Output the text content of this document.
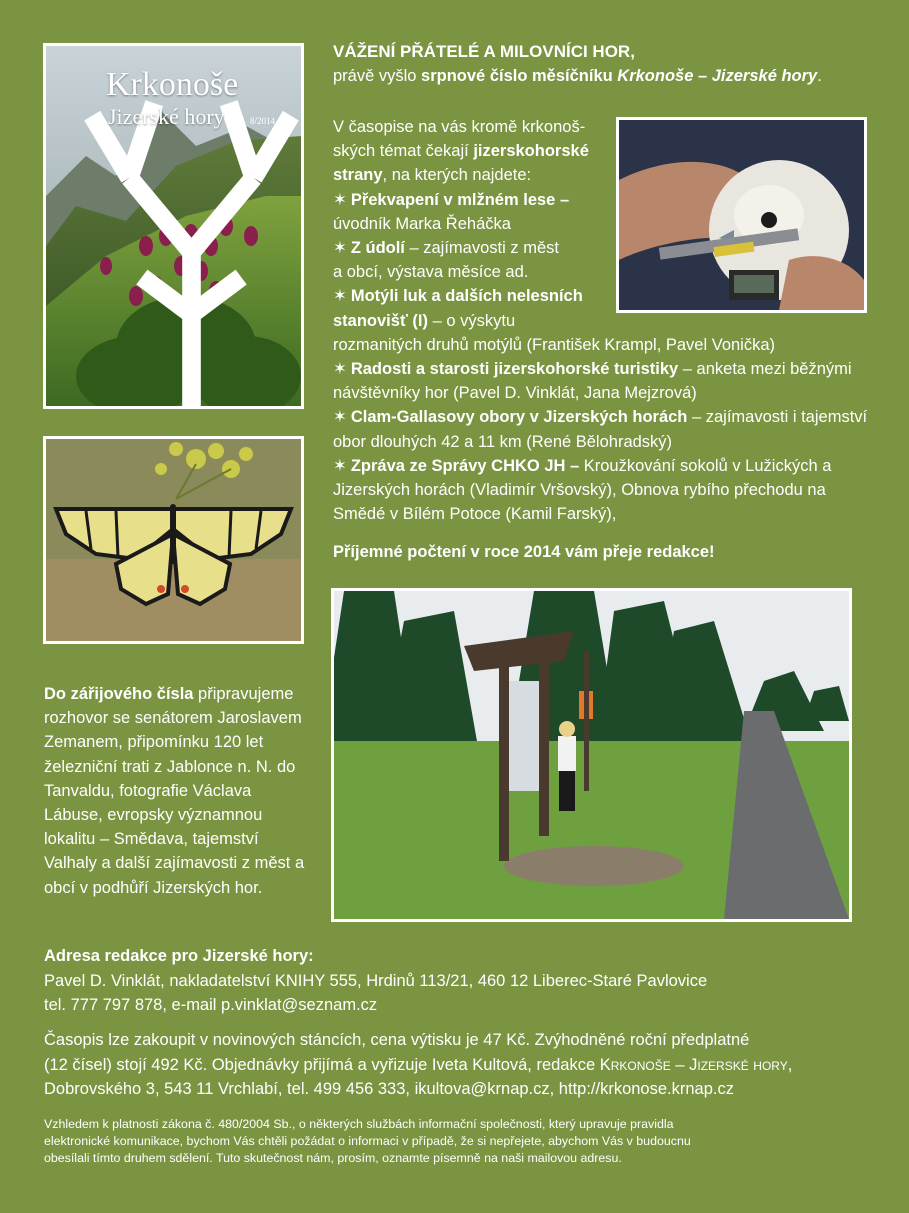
Krkonoše
Jizerské hory	8/2014
VÁŽENÍ PŘÁTELÉ A MILOVNÍCI HOR,

právě vyšlo srpnové číslo měsíčníku Krkonoše – Jizerské hory.

V časopise na vás kromě krkonoš-
ských témat čekají jizerskohorské
strany, na kterých najdete:

✶ Překvapení v mlžném lese –
úvodník Marka Řeháčka

✶ Z údolí – zajímavosti z měst
a obcí, výstava měsíce ad.

✶ Motýli luk a dalších nelesních
stanovišť (I) – o výskytu
rozmanitých druhů motýlů (František Krampl, Pavel Vonička)

✶ Radosti a starosti jizerskohorské turistiky – anketa mezi běžnými návštěvníky hor (Pavel D. Vinklát, Jana Mejzrová)

✶ Clam-Gallasovy obory v Jizerských horách – zajímavosti i tajemství obor dlouhých 42 a 11 km (René Bělohradský)

✶ Zpráva ze Správy CHKO JH – Kroužkování sokolů v Lužických a Jizerských horách (Vladimír Vršovský), Obnova rybího přechodu na Smědé v Bílém Potoce (Kamil Farský),

Příjemné počtení v roce 2014 vám přeje redakce!
Do zářijového čísla připravujeme rozhovor se senátorem Jaroslavem Zemanem, připomínku 120 let železniční trati z Jablonce n. N. do Tanvaldu, fotografie Václava Lábuse, evropsky významnou lokalitu – Smědava, tajemství Valhaly a další zajímavosti z měst a obcí v podhůří Jizerských hor.

Adresa redakce pro Jizerské hory:

Pavel D. Vinklát, nakladatelství KNIHY 555, Hrdinů 113/21, 460 12 Liberec-Staré Pavlovice

tel. 777 797 878, e-mail p.vinklat@seznam.cz

Časopis lze zakoupit v novinových stáncích, cena výtisku je 47 Kč. Zvýhodněné roční předplatné

(12 čísel) stojí 492 Kč. Objednávky přijímá a vyřizuje Iveta Kultová, redakce Krkonoše – Jizerské hory,

Dobrovského 3, 543 11 Vrchlabí, tel. 499 456 333, ikultova@krnap.cz, http://krkonose.krnap.cz

Vzhledem k platnosti zákona č. 480/2004 Sb., o některých službách informační společnosti, který upravuje pravidla

elektronické komunikace, bychom Vás chtěli požádat o informaci v případě, že si nepřejete, abychom Vás v budoucnu

obesílali tímto druhem sdělení. Tuto skutečnost nám, prosím, oznamte písemně na naši mailovou adresu.
